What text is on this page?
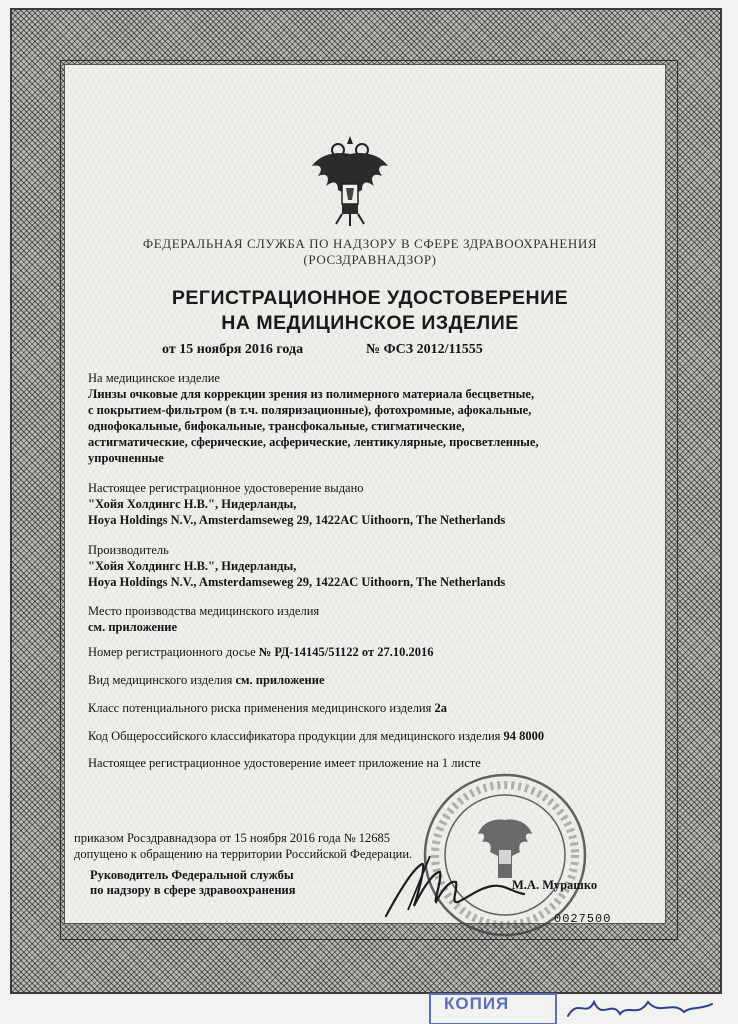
ФЕДЕРАЛЬНАЯ СЛУЖБА ПО НАДЗОРУ В СФЕРЕ ЗДРАВООХРАНЕНИЯ
(РОСЗДРАВНАДЗОР)
РЕГИСТРАЦИОННОЕ УДОСТОВЕРЕНИЕ
НА МЕДИЦИНСКОЕ ИЗДЕЛИЕ
от 15 ноября 2016 года	№ ФСЗ 2012/11555
На медицинское изделие
Линзы очковые для коррекции зрения из полимерного материала бесцветные,
с покрытием-фильтром (в т.ч. поляризационные), фотохромные, афокальные,
однофокальные, бифокальные, трансфокальные, стигматические,
астигматические, сферические, асферические, лентикулярные, просветленные,
упрочненные
Настоящее регистрационное удостоверение выдано
"Хойя Холдингс Н.В.", Нидерланды,
Hoya Holdings N.V., Amsterdamseweg 29, 1422AC Uithoorn, The Netherlands
Производитель
"Хойя Холдингс Н.В.", Нидерланды,
Hoya Holdings N.V., Amsterdamseweg 29, 1422AC Uithoorn, The Netherlands
Место производства медицинского изделия
см. приложение
Номер регистрационного досье № РД-14145/51122 от 27.10.2016
Вид медицинского изделия см. приложение
Класс потенциального риска применения медицинского изделия 2а
Код Общероссийского классификатора продукции для медицинского изделия 94 8000
Настоящее регистрационное удостоверение имеет приложение на 1 листе
приказом Росздравнадзора от 15 ноября 2016 года № 12685
допущено к обращению на территории Российской Федерации.
Руководитель Федеральной службы
по надзору в сфере здравоохранения	М.А. Мурашко
0027500
КОПИЯ
